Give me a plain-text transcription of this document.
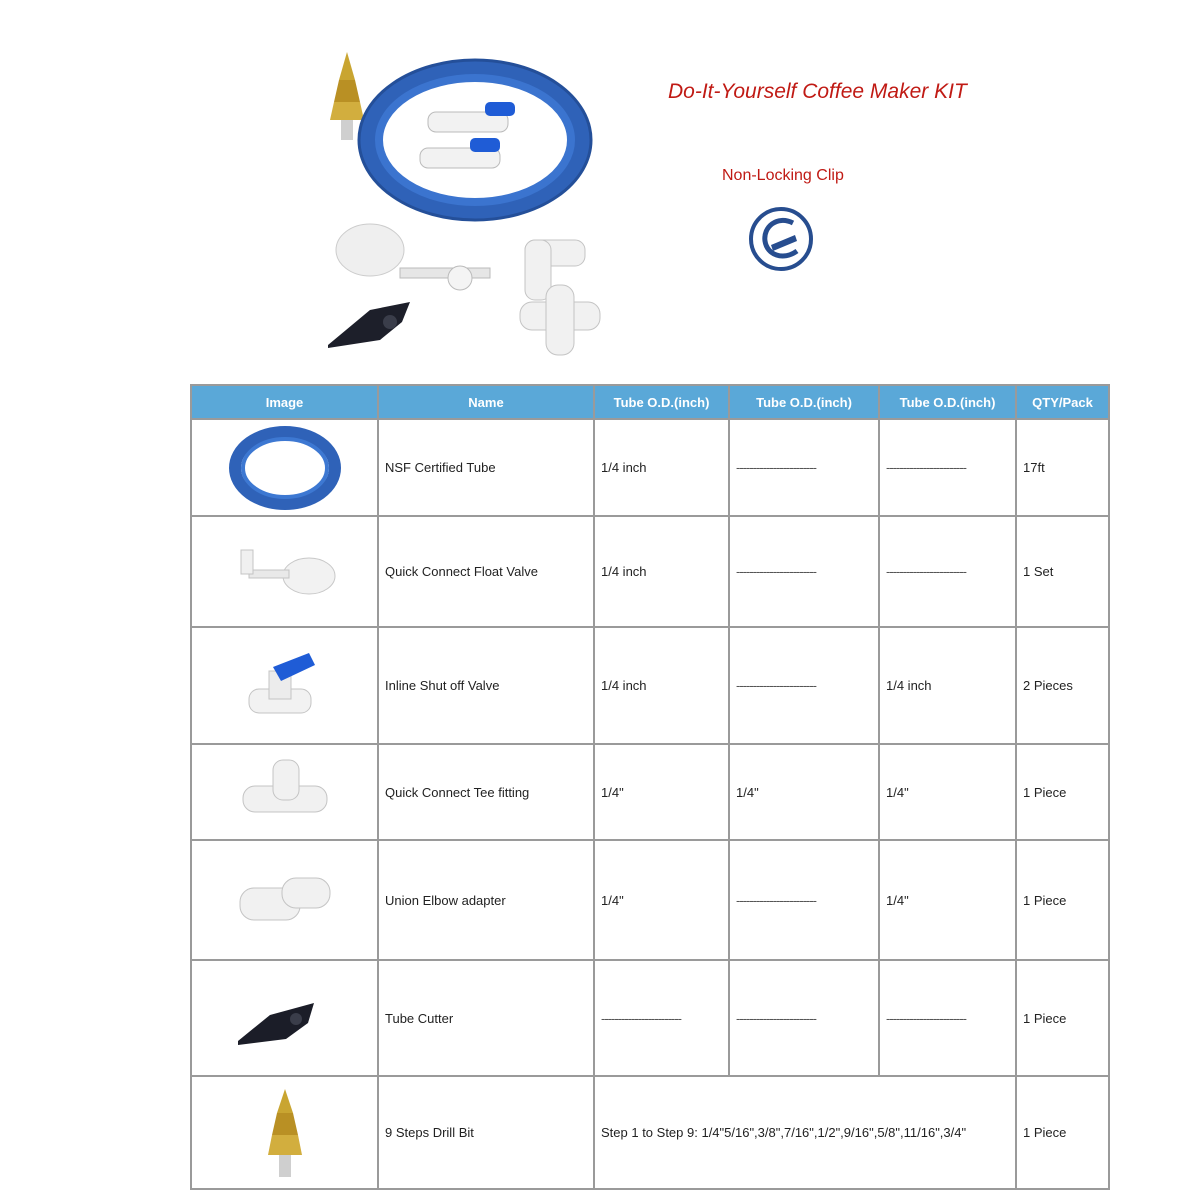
Do-It-Yourself Coffee Maker KIT
Non-Locking Clip
Image	Name	Tube O.D.(inch)	Tube O.D.(inch)	Tube O.D.(inch)	QTY/Pack

	NSF Certified Tube	1/4 inch	------------------------	------------------------	17ft

	Quick Connect Float Valve	1/4 inch	------------------------	------------------------	1 Set

	Inline Shut off Valve	1/4 inch	------------------------	1/4 inch	2 Pieces

	Quick Connect Tee fitting	1/4"	1/4"	1/4"	1 Piece

	Union Elbow adapter	1/4"	------------------------	1/4"	1 Piece

	Tube Cutter	------------------------	------------------------	------------------------	1 Piece

	9 Steps Drill Bit	Step 1 to Step 9: 1/4"5/16",3/8",7/16",1/2",9/16",5/8",11/16",3/4"			1 Piece
